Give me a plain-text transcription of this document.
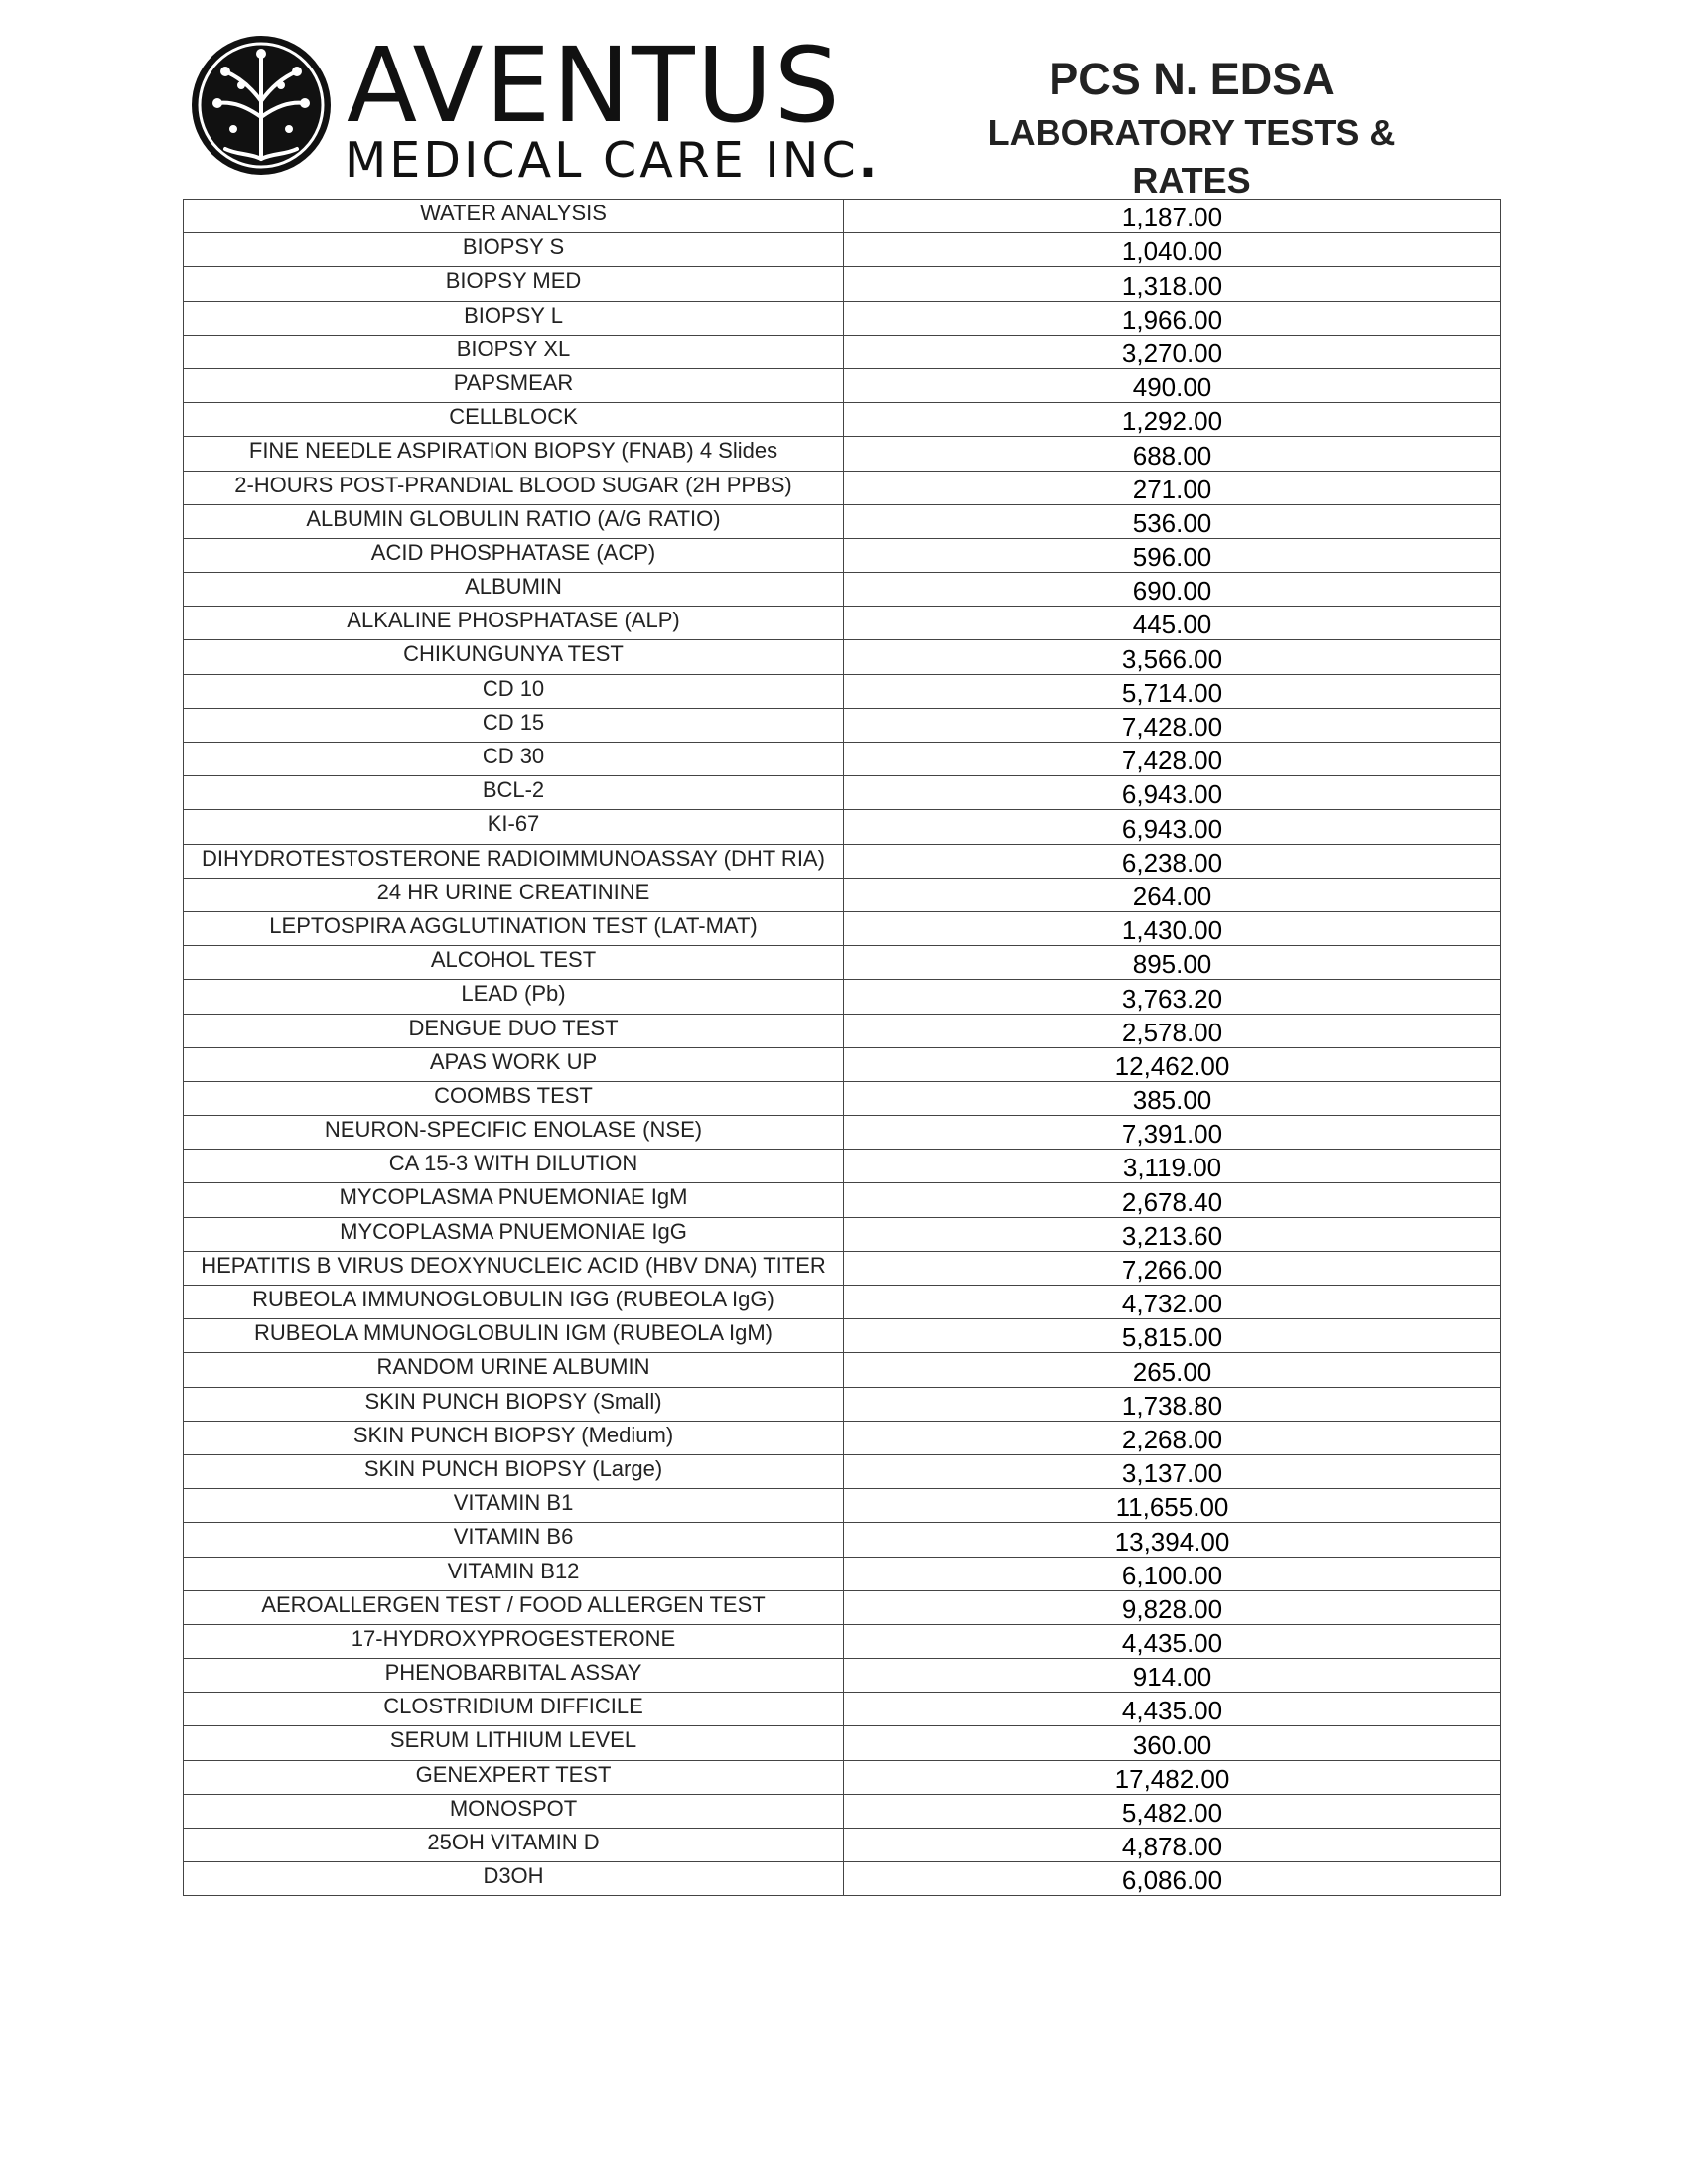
AVENTUS
MEDICAL CARE INC.
PCS N. EDSA
LABORATORY TESTS & RATES
WATER ANALYSIS	1,187.00
BIOPSY S	1,040.00
BIOPSY MED	1,318.00
BIOPSY L	1,966.00
BIOPSY XL	3,270.00
PAPSMEAR	490.00
CELLBLOCK	1,292.00
FINE NEEDLE ASPIRATION BIOPSY (FNAB) 4 Slides	688.00
2-HOURS POST-PRANDIAL BLOOD SUGAR (2H PPBS)	271.00
ALBUMIN GLOBULIN RATIO (A/G RATIO)	536.00
ACID PHOSPHATASE (ACP)	596.00
ALBUMIN	690.00
ALKALINE PHOSPHATASE (ALP)	445.00
CHIKUNGUNYA TEST	3,566.00
CD 10	5,714.00
CD 15	7,428.00
CD 30	7,428.00
BCL-2	6,943.00
KI-67	6,943.00
DIHYDROTESTOSTERONE RADIOIMMUNOASSAY (DHT RIA)	6,238.00
24 HR URINE CREATININE	264.00
LEPTOSPIRA AGGLUTINATION TEST (LAT-MAT)	1,430.00
ALCOHOL TEST	895.00
LEAD (Pb)	3,763.20
DENGUE DUO TEST	2,578.00
APAS WORK UP	12,462.00
COOMBS TEST	385.00
NEURON-SPECIFIC ENOLASE (NSE)	7,391.00
CA 15-3 WITH DILUTION	3,119.00
MYCOPLASMA PNUEMONIAE IgM	2,678.40
MYCOPLASMA PNUEMONIAE IgG	3,213.60
HEPATITIS B VIRUS DEOXYNUCLEIC ACID (HBV DNA) TITER	7,266.00
RUBEOLA IMMUNOGLOBULIN IGG (RUBEOLA IgG)	4,732.00
RUBEOLA MMUNOGLOBULIN IGM (RUBEOLA IgM)	5,815.00
RANDOM URINE ALBUMIN	265.00
SKIN PUNCH BIOPSY (Small)	1,738.80
SKIN PUNCH BIOPSY (Medium)	2,268.00
SKIN PUNCH BIOPSY (Large)	3,137.00
VITAMIN B1	11,655.00
VITAMIN B6	13,394.00
VITAMIN B12	6,100.00
AEROALLERGEN TEST / FOOD ALLERGEN TEST	9,828.00
17-HYDROXYPROGESTERONE	4,435.00
PHENOBARBITAL ASSAY	914.00
CLOSTRIDIUM DIFFICILE	4,435.00
SERUM LITHIUM LEVEL	360.00
GENEXPERT TEST	17,482.00
MONOSPOT	5,482.00
25OH VITAMIN D	4,878.00
D3OH	6,086.00
